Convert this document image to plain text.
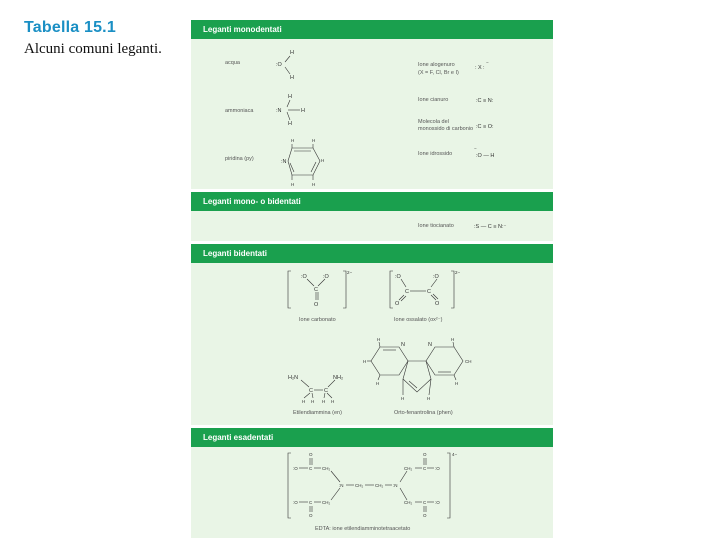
Tabella 15.1
Alcuni comuni leganti.
Leganti monodentati
acqua
H
:O
H
ammoniaca
H
:N	H
H
piridina (py)
H	H
H
H	H
:N
Ione alogenuro
(X = F, Cl, Br e I)
: X :
−
Ione cianuro	:C ≡ N:
Molecola del
monossido di carbonio :C ≡ O:
Ione idrossido
−
:O — H
Leganti mono- o bidentati
Ione tiocianato	:S — C ≡ N:⁻
Leganti bidentati
2−
:O	:O
C
O
Ione carbonato
2−
:O	:O
C	C
O	O
Ione ossalato (ox²⁻)
H₂N	NH₂
C C
H H H H
Etilendiammina (en)
N	N
H	H
H	CH
H	H
H	H
Orto-fenantrolina (phen)
Leganti esadentati
4−
O
:O C CH₂
:O C CH₂
O
:N	CH₂	CH₂ :N
CH₂ C :O
O
CH₂ C :O
O
EDTA: ione etilendiamminotetraacetato
